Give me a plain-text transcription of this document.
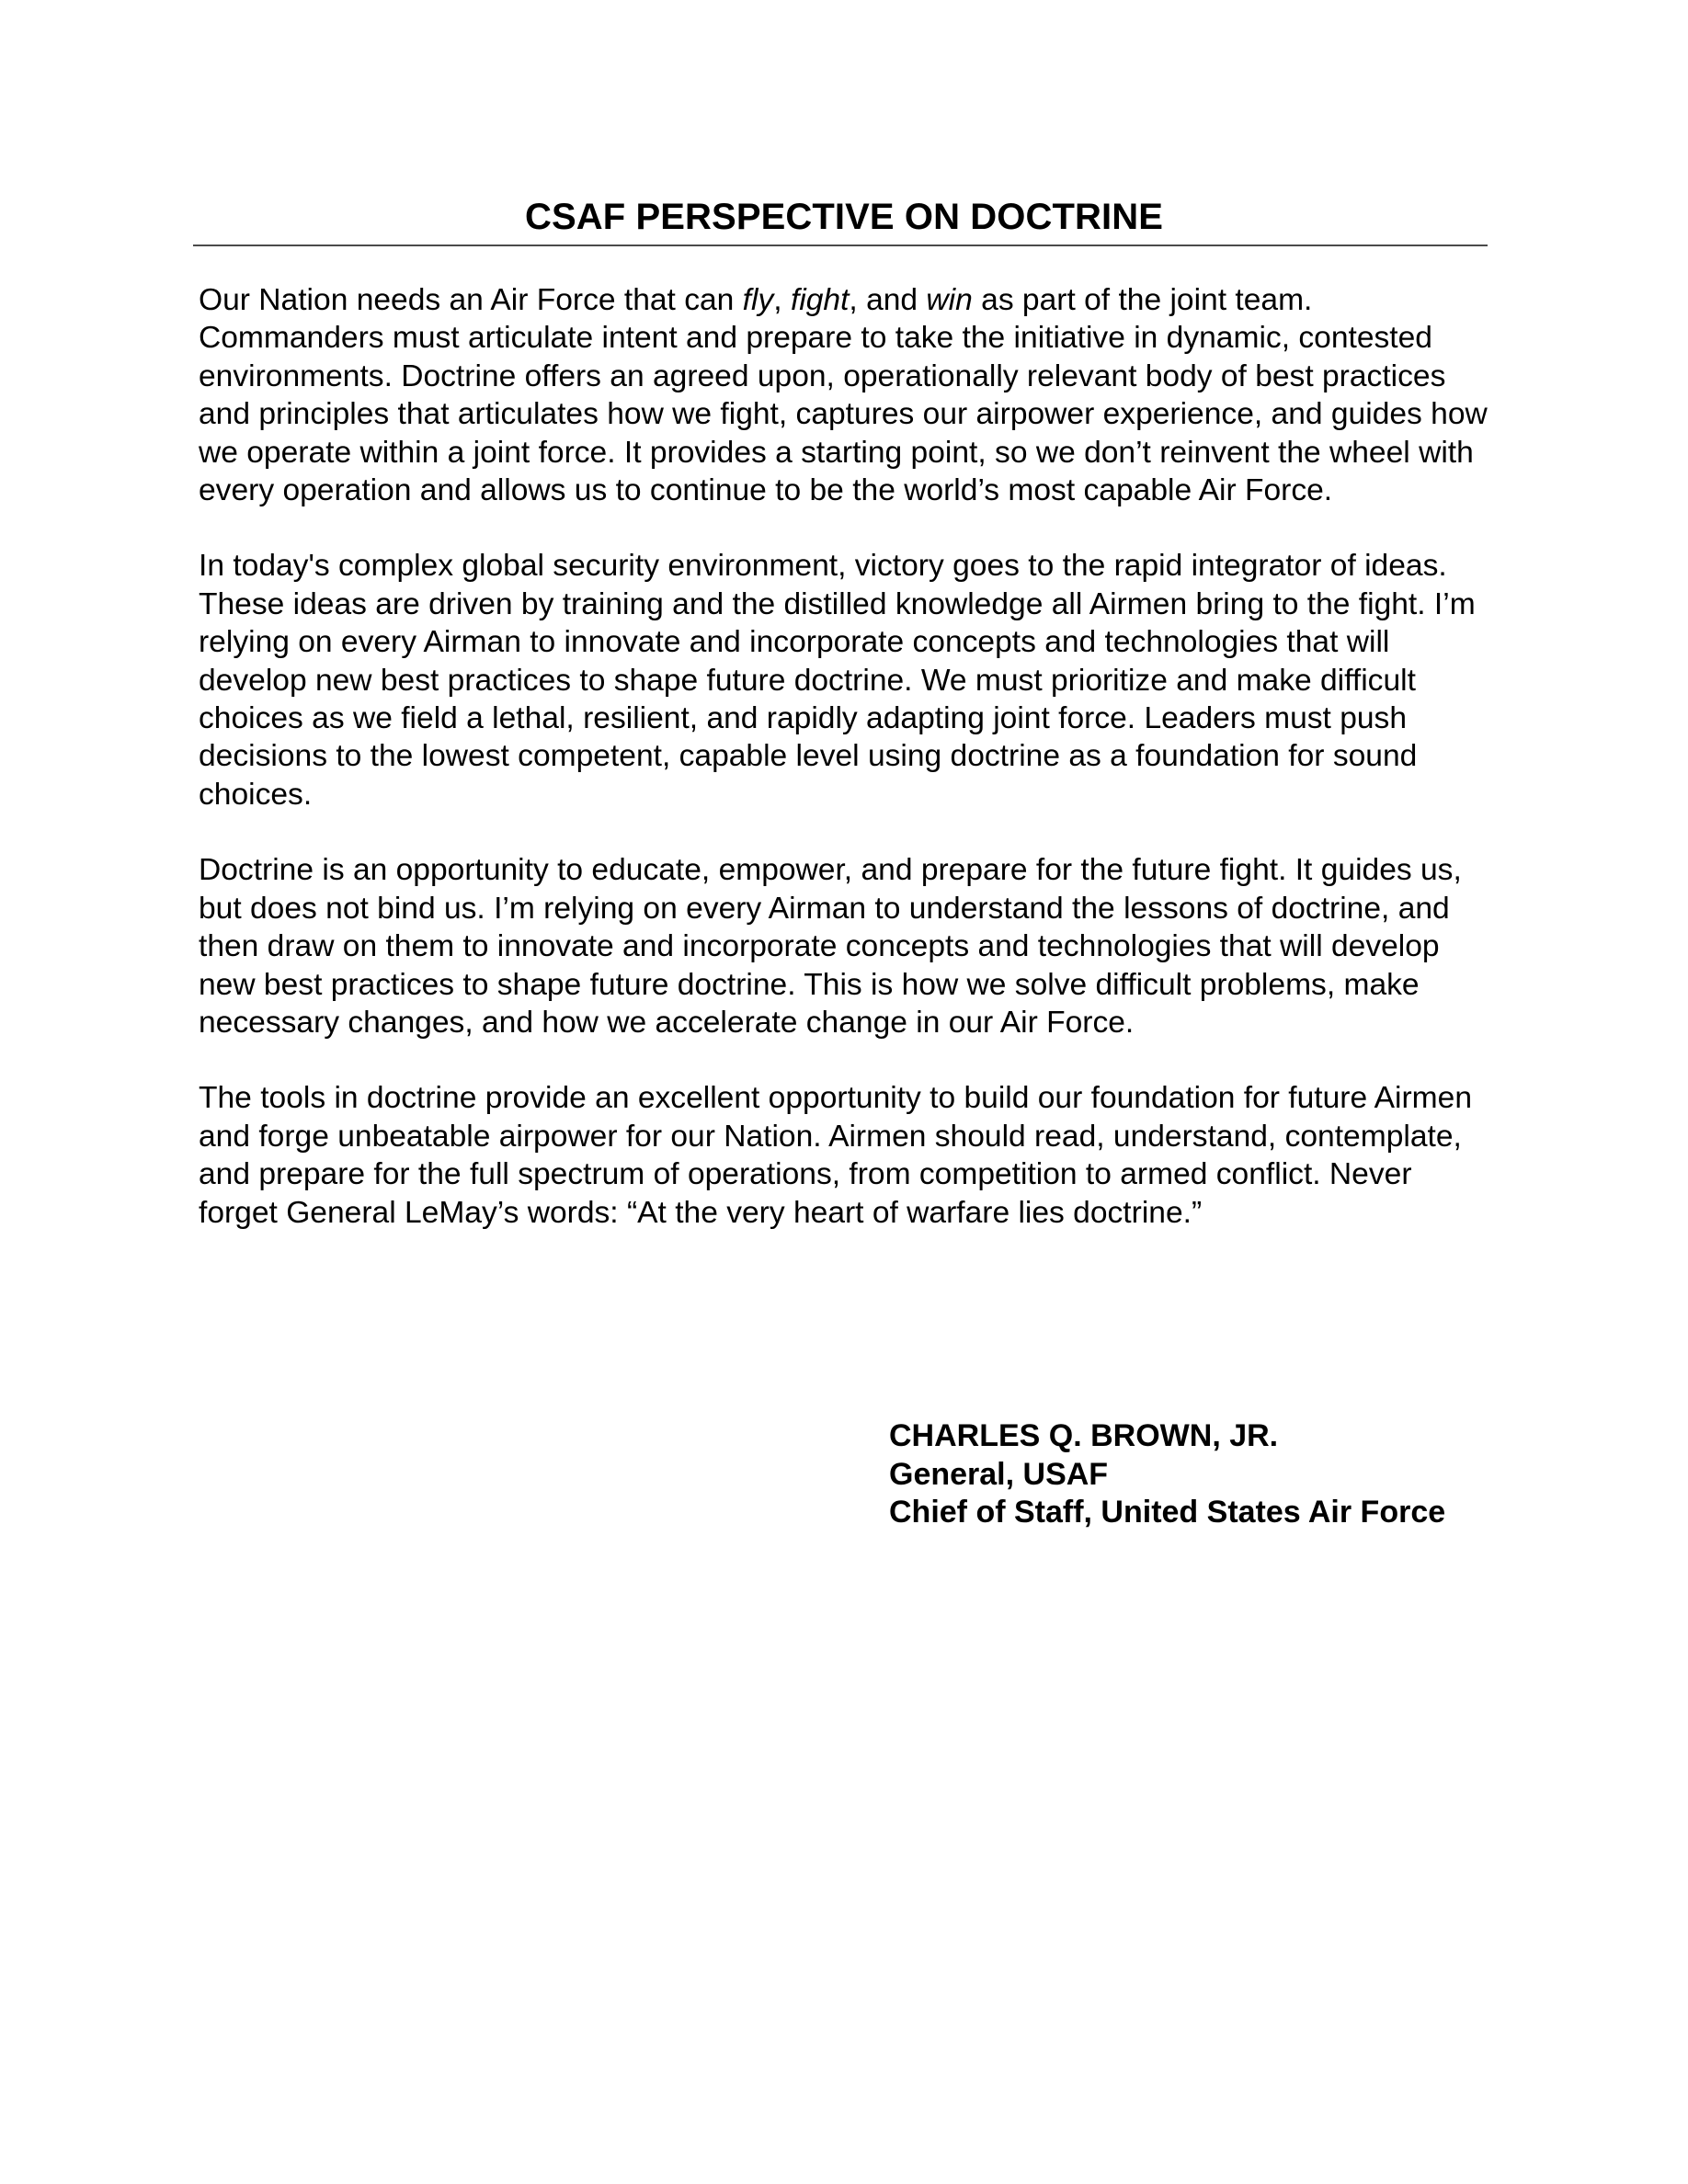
CSAF PERSPECTIVE ON DOCTRINE

Our Nation needs an Air Force that can fly, fight, and win as part of the joint team. Commanders must articulate intent and prepare to take the initiative in dynamic, contested environments. Doctrine offers an agreed upon, operationally relevant body of best practices and principles that articulates how we fight, captures our airpower experience, and guides how we operate within a joint force. It provides a starting point, so we don’t reinvent the wheel with every operation and allows us to continue to be the world’s most capable Air Force.

In today's complex global security environment, victory goes to the rapid integrator of ideas. These ideas are driven by training and the distilled knowledge all Airmen bring to the fight. I’m relying on every Airman to innovate and incorporate concepts and technologies that will develop new best practices to shape future doctrine. We must prioritize and make difficult choices as we field a lethal, resilient, and rapidly adapting joint force. Leaders must push decisions to the lowest competent, capable level using doctrine as a foundation for sound choices.

Doctrine is an opportunity to educate, empower, and prepare for the future fight. It guides us, but does not bind us. I’m relying on every Airman to understand the lessons of doctrine, and then draw on them to innovate and incorporate concepts and technologies that will develop new best practices to shape future doctrine. This is how we solve difficult problems, make necessary changes, and how we accelerate change in our Air Force.

The tools in doctrine provide an excellent opportunity to build our foundation for future Airmen and forge unbeatable airpower for our Nation. Airmen should read, understand, contemplate, and prepare for the full spectrum of operations, from competition to armed conflict. Never forget General LeMay’s words: “At the very heart of warfare lies doctrine.”

CHARLES Q. BROWN, JR.
General, USAF
Chief of Staff, United States Air Force
